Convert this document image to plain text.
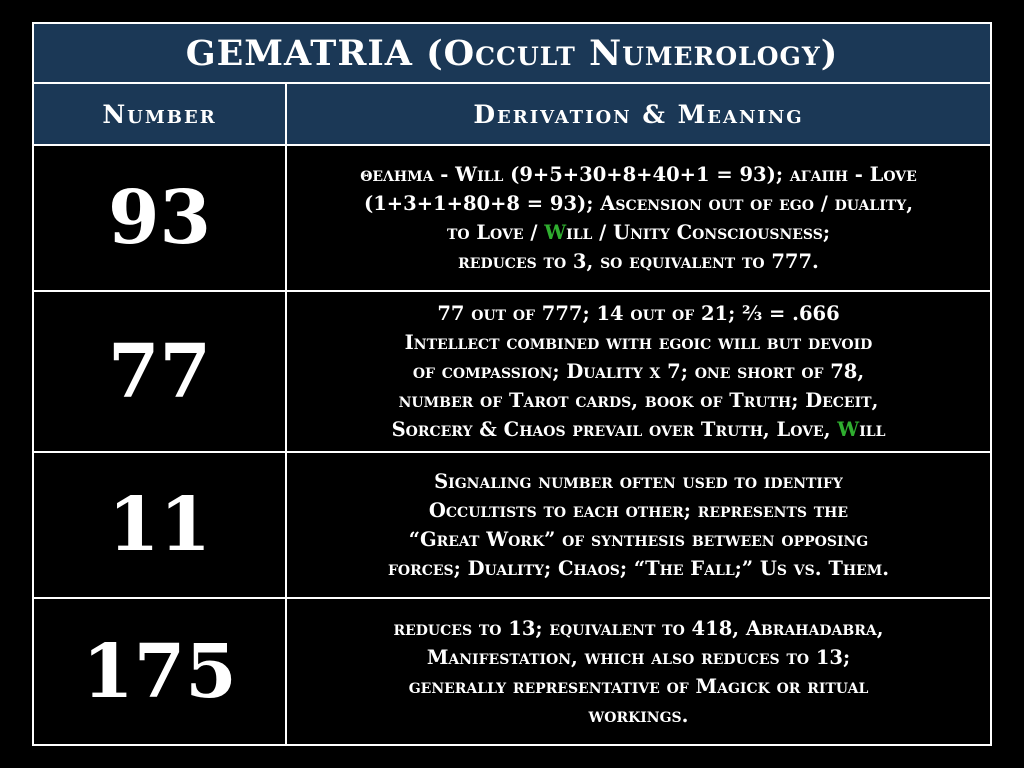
GEMATRIA (Occult Numerology)
Number	Derivation & Meaning
93
θελημα - Will (9+5+30+8+40+1 = 93); αγαπη - Love
(1+3+1+80+8 = 93); Ascension out of ego / duality,
to Love / Will / Unity Consciousness;
reduces to 3, so equivalent to 777.
77
77 out of 777; 14 out of 21; ⅔ = .666
Intellect combined with egoic will but devoid
of compassion; Duality x 7; one short of 78,
number of Tarot cards, book of Truth; Deceit,
Sorcery & Chaos prevail over Truth, Love, Will
11
Signaling number often used to identify
Occultists to each other; represents the
“Great Work” of synthesis between opposing
forces; Duality; Chaos; “The Fall;” Us vs. Them.
175
reduces to 13; equivalent to 418, Abrahadabra,
Manifestation, which also reduces to 13;
generally representative of Magick or ritual
workings.
